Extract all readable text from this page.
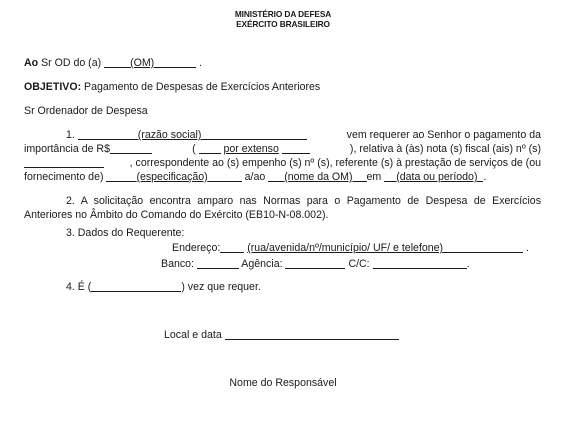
MINISTÉRIO DA DEFESA
EXÉRCITO BRASILEIRO
Ao Sr OD do (a) (OM)	.
OBJETIVO: Pagamento de Despesas de Exercícios Anteriores
Sr Ordenador de Despesa
1.	(razão social)	vem requerer ao Senhor o pagamento da
importância de R$	(	por extenso	), relativa à (às) nota (s) fiscal (ais) nº (s)
, correspondente ao (s) empenho (s) nº (s), referente (s) à prestação de serviços de (ou
fornecimento de)	(especificação)	a/ao (nome da OM) em (data ou período) .
2. A solicitação encontra amparo nas Normas para o Pagamento de Despesa de Exercícios
Anteriores no Âmbito do Comando do Exército (EB10-N-08.002).
3. Dados do Requerente:
Endereço:	(rua/avenida/nº/município/ UF/ e telefone)	.
Banco:	Agência:	C/C:	.
4. É (	) vez que requer.
Local e data
Nome do Responsável
